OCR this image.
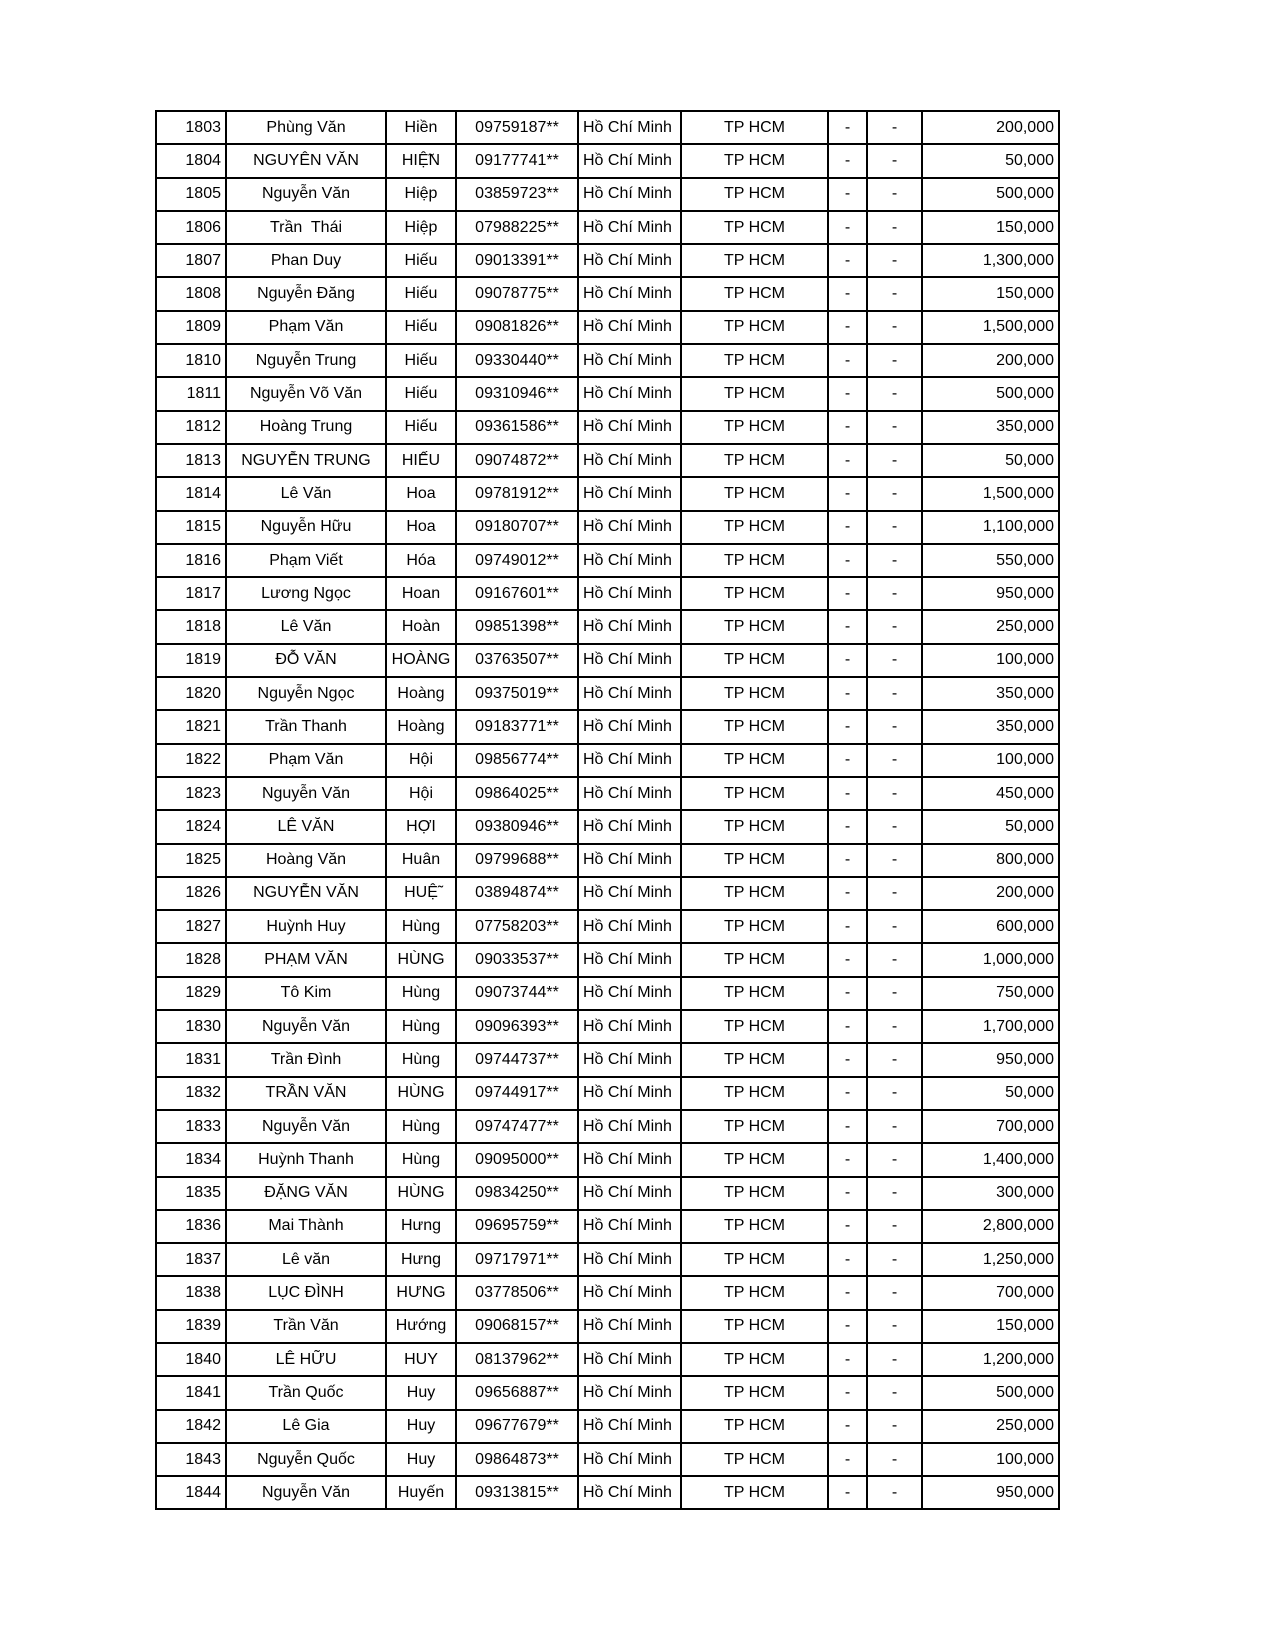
1803	Phùng Văn	Hiền	09759187**	Hồ Chí Minh	TP HCM	-	-	200,000
1804	NGUYÊN VĂN	HIỆ̃N	09177741**	Hồ Chí Minh	TP HCM	-	-	50,000
1805	Nguyễn Văn	Hiệp	03859723**	Hồ Chí Minh	TP HCM	-	-	500,000
1806	Trần  Thái	Hiệp	07988225**	Hồ Chí Minh	TP HCM	-	-	150,000
1807	Phan Duy	Hiếu	09013391**	Hồ Chí Minh	TP HCM	-	-	1,300,000
1808	Nguyễn Đăng	Hiếu	09078775**	Hồ Chí Minh	TP HCM	-	-	150,000
1809	Phạm Văn	Hiếu	09081826**	Hồ Chí Minh	TP HCM	-	-	1,500,000
1810	Nguyễn Trung	Hiếu	09330440**	Hồ Chí Minh	TP HCM	-	-	200,000
1811	Nguyễn Võ Văn	Hiếu	09310946**	Hồ Chí Minh	TP HCM	-	-	500,000
1812	Hoàng Trung	Hiếu	09361586**	Hồ Chí Minh	TP HCM	-	-	350,000
1813	NGUYỄN TRUNG	HIẾU	09074872**	Hồ Chí Minh	TP HCM	-	-	50,000
1814	Lê Văn	Hoa	09781912**	Hồ Chí Minh	TP HCM	-	-	1,500,000
1815	Nguyễn Hữu	Hoa	09180707**	Hồ Chí Minh	TP HCM	-	-	1,100,000
1816	Phạm Viết	Hóa	09749012**	Hồ Chí Minh	TP HCM	-	-	550,000
1817	Lương Ngọc	Hoan	09167601**	Hồ Chí Minh	TP HCM	-	-	950,000
1818	Lê Văn	Hoàn	09851398**	Hồ Chí Minh	TP HCM	-	-	250,000
1819	ĐỖ VĂN	HOÀNG	03763507**	Hồ Chí Minh	TP HCM	-	-	100,000
1820	Nguyễn Ngọc	Hoàng	09375019**	Hồ Chí Minh	TP HCM	-	-	350,000
1821	Trần Thanh	Hoàng	09183771**	Hồ Chí Minh	TP HCM	-	-	350,000
1822	Phạm Văn	Hội	09856774**	Hồ Chí Minh	TP HCM	-	-	100,000
1823	Nguyễn Văn	Hội	09864025**	Hồ Chí Minh	TP HCM	-	-	450,000
1824	LÊ VĂN	HỢI	09380946**	Hồ Chí Minh	TP HCM	-	-	50,000
1825	Hoàng Văn	Huân	09799688**	Hồ Chí Minh	TP HCM	-	-	800,000
1826	NGUYỄN VĂN	HUỆ̃	03894874**	Hồ Chí Minh	TP HCM	-	-	200,000
1827	Huỳnh Huy	Hùng	07758203**	Hồ Chí Minh	TP HCM	-	-	600,000
1828	PHẠM VĂN	HÙNG	09033537**	Hồ Chí Minh	TP HCM	-	-	1,000,000
1829	Tô Kim	Hùng	09073744**	Hồ Chí Minh	TP HCM	-	-	750,000
1830	Nguyễn Văn	Hùng	09096393**	Hồ Chí Minh	TP HCM	-	-	1,700,000
1831	Trần Đình	Hùng	09744737**	Hồ Chí Minh	TP HCM	-	-	950,000
1832	TRẦN VĂN	HÙNG	09744917**	Hồ Chí Minh	TP HCM	-	-	50,000
1833	Nguyễn Văn	Hùng	09747477**	Hồ Chí Minh	TP HCM	-	-	700,000
1834	Huỳnh Thanh	Hùng	09095000**	Hồ Chí Minh	TP HCM	-	-	1,400,000
1835	ĐẶNG VĂN	HÙNG	09834250**	Hồ Chí Minh	TP HCM	-	-	300,000
1836	Mai Thành	Hưng	09695759**	Hồ Chí Minh	TP HCM	-	-	2,800,000
1837	Lê văn	Hưng	09717971**	Hồ Chí Minh	TP HCM	-	-	1,250,000
1838	LỤC ĐÌNH	HƯNG	03778506**	Hồ Chí Minh	TP HCM	-	-	700,000
1839	Trần Văn	Hướng	09068157**	Hồ Chí Minh	TP HCM	-	-	150,000
1840	LÊ HỮU	HUY	08137962**	Hồ Chí Minh	TP HCM	-	-	1,200,000
1841	Trần Quốc	Huy	09656887**	Hồ Chí Minh	TP HCM	-	-	500,000
1842	Lê Gia	Huy	09677679**	Hồ Chí Minh	TP HCM	-	-	250,000
1843	Nguyễn Quốc	Huy	09864873**	Hồ Chí Minh	TP HCM	-	-	100,000
1844	Nguyễn Văn	Huyến	09313815**	Hồ Chí Minh	TP HCM	-	-	950,000
